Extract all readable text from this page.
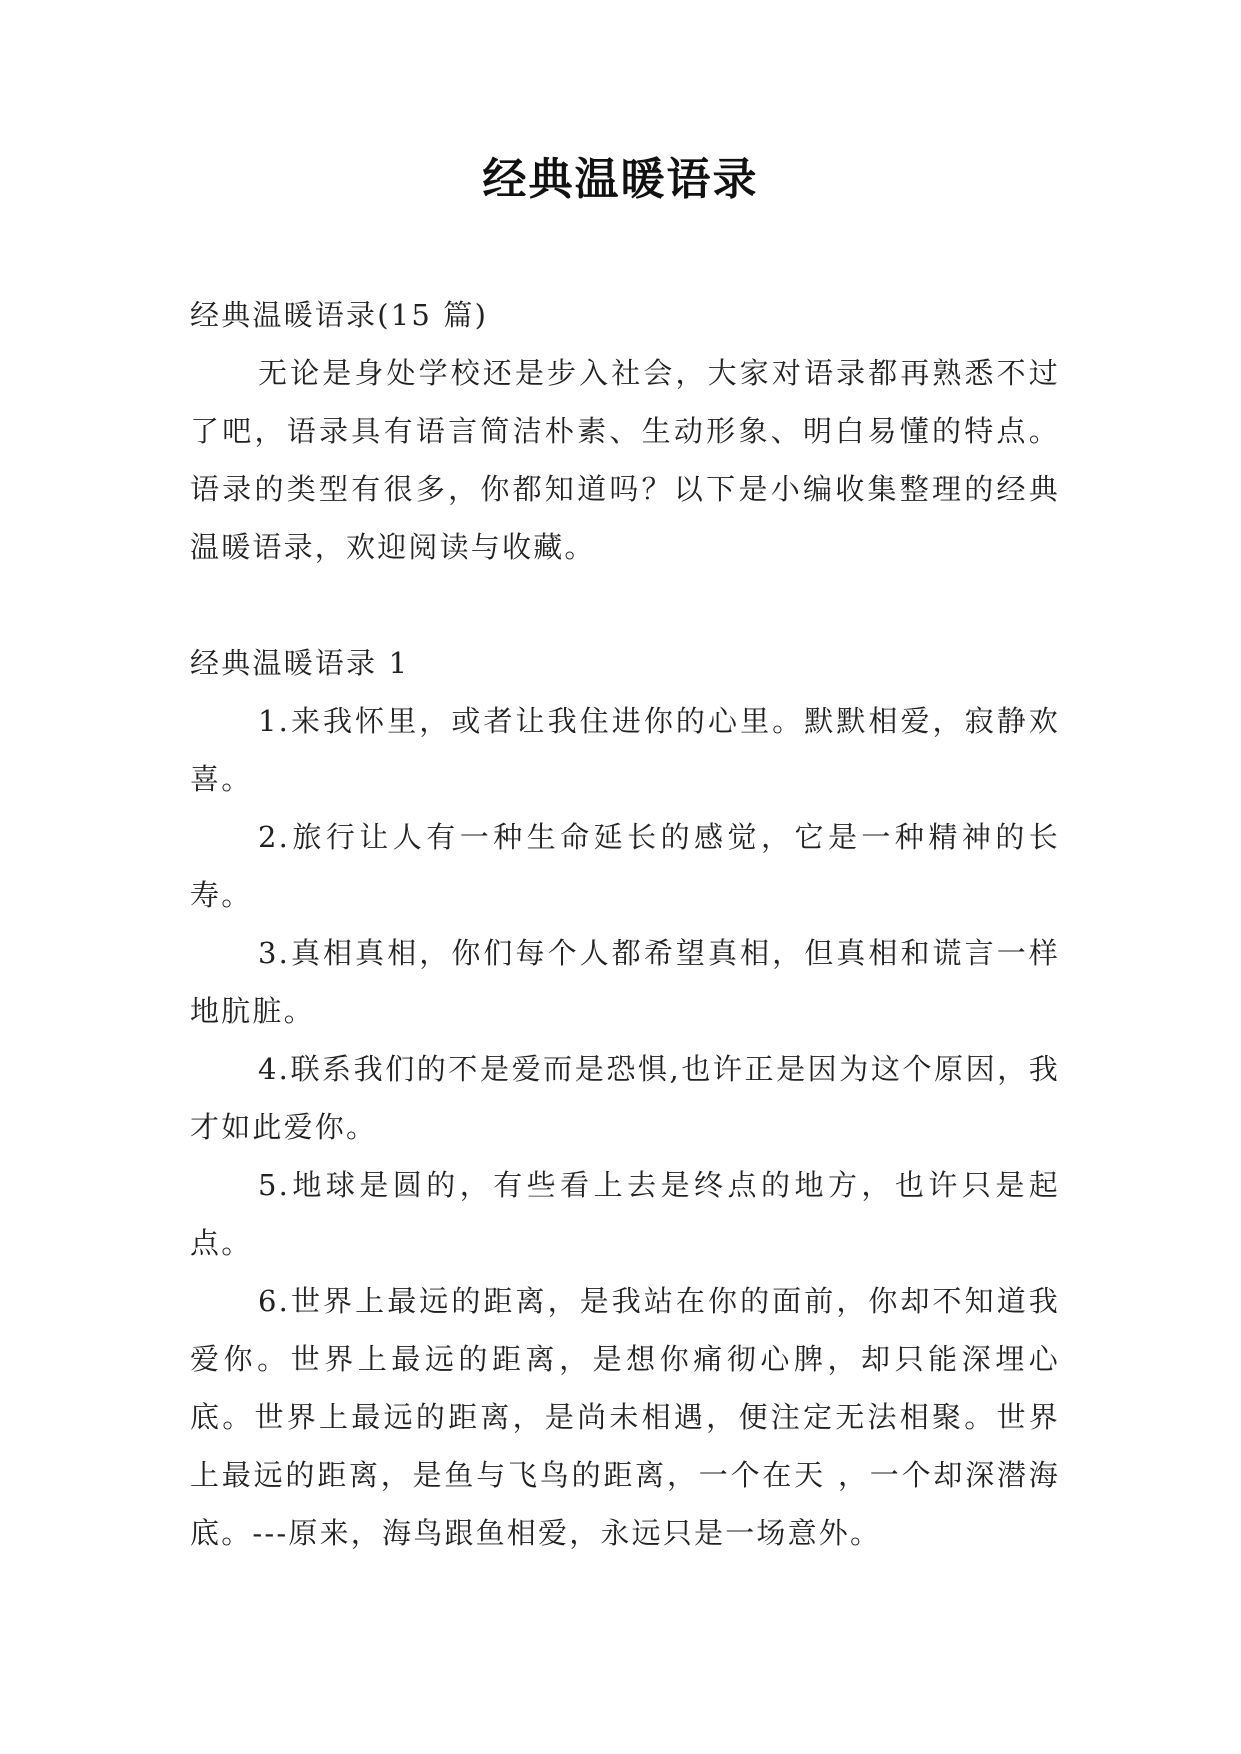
经典温暖语录

经典温暖语录(15 篇)

无论是身处学校还是步入社会，大家对语录都再熟悉不过了吧，语录具有语言简洁朴素、生动形象、明白易懂的特点。语录的类型有很多，你都知道吗？以下是小编收集整理的经典温暖语录，欢迎阅读与收藏。

经典温暖语录 1

1.来我怀里，或者让我住进你的心里。默默相爱，寂静欢喜。

2.旅行让人有一种生命延长的感觉，它是一种精神的长寿。

3.真相真相，你们每个人都希望真相，但真相和谎言一样地肮脏。

4.联系我们的不是爱而是恐惧,也许正是因为这个原因，我才如此爱你。

5.地球是圆的，有些看上去是终点的地方，也许只是起点。

6.世界上最远的距离，是我站在你的面前，你却不知道我爱你。世界上最远的距离，是想你痛彻心脾，却只能深埋心底。世界上最远的距离，是尚未相遇，便注定无法相聚。世界上最远的距离，是鱼与飞鸟的距离，一个在天 ，一个却深潜海底。---原来，海鸟跟鱼相爱，永远只是一场意外。
